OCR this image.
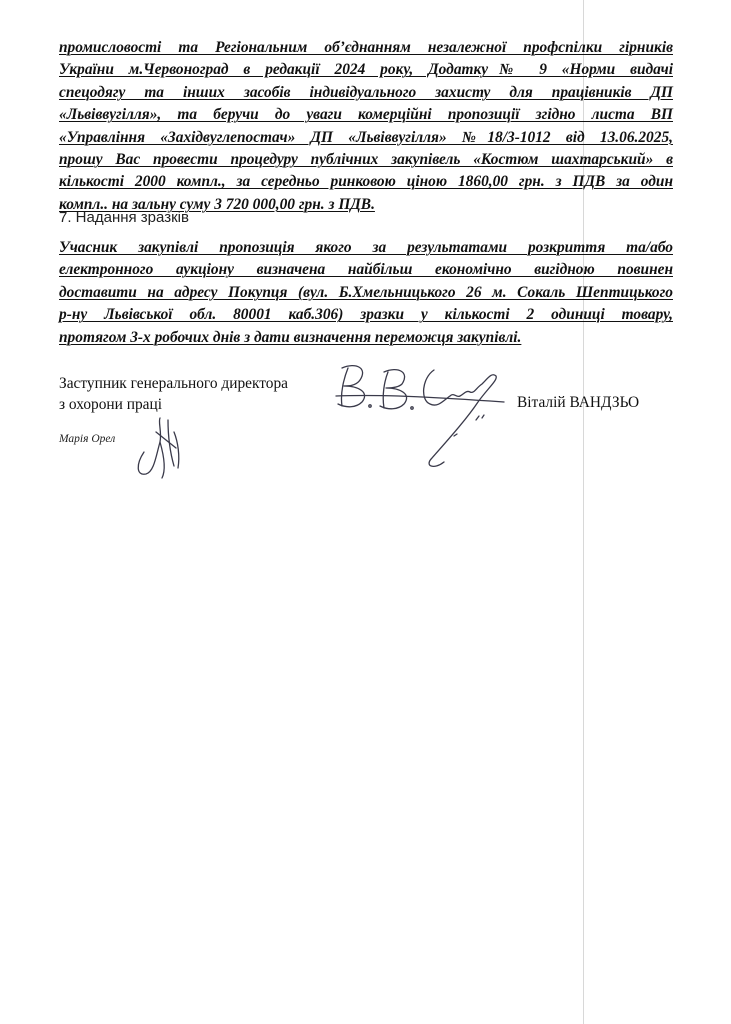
промисловості та Регіональним об’єднанням незалежної профспілки гірників
України м.Червоноград в редакції 2024 року, Додатку№ 9 «Норми видачі
спецодягу та інших засобів індивідуального захисту для працівників ДП
«Львіввугілля», та беручи до уваги комерційні пропозиції згідно листа ВП
«Управління «Західвуглепостач» ДП «Львіввугілля» №18/3-1012 від 13.06.2025,
прошу Вас провести процедуру публічних закупівель «Костюм шахтарський» в
кількості 2000 компл., за середньо ринковою ціною 1860,00 грн. з ПДВ за один
компл.. на зальну суму 3 720 000,00 грн. з ПДВ.
7. Надання зразків
Учасник закупівлі пропозиція якого за результатами розкриття та/або
електронного аукціону визначена найбільш економічно вигідною повинен
доставити на адресу Покупця (вул. Б.Хмельницького 26 м. Сокаль Шептицького
р-ну Львівської обл. 80001 каб.306) зразки у кількості 2 одиниці товару,
протягом 3-х робочих днів з дати визначення переможця закупівлі.
Заступник генерального директора
з охорони праці	Віталій ВАНДЗЬО
Марія Орел
